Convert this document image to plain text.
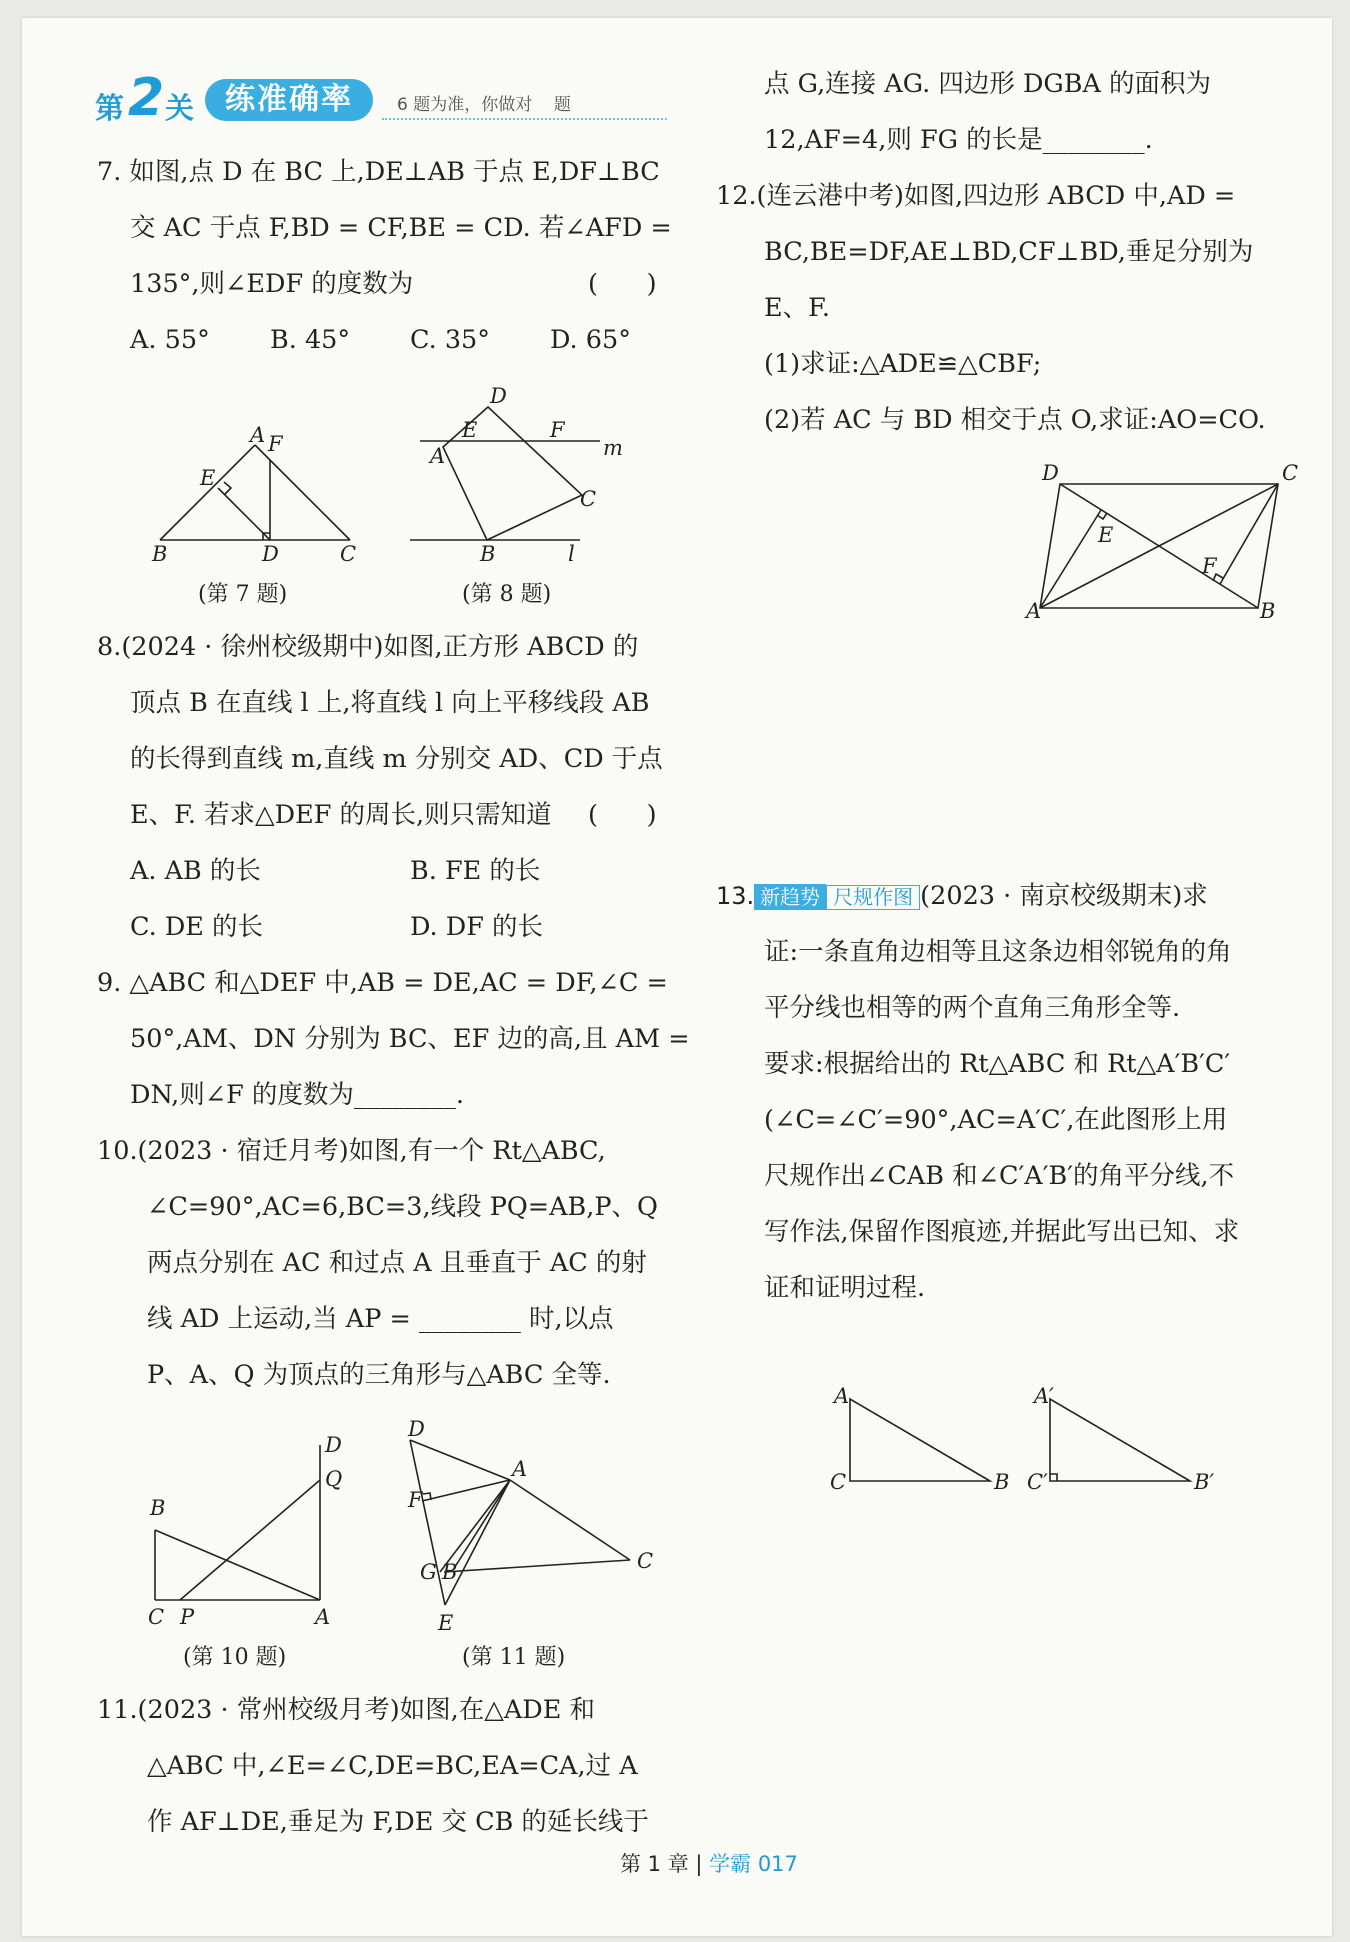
第 2 关	练准确率	6 题为准，你做对    题
7. 如图,点 D 在 BC 上,DE⊥AB 于点 E,DF⊥BC
交 AC 于点 F,BD = CF,BE = CD. 若∠AFD =
135°,则∠EDF 的度数为	(      )
A. 55° B. 45° C. 35° D. 65°
A F
E
B	D	C
D
E	F
m
A
C
B	l
(第 7 题)	(第 8 题)
8.(2024 · 徐州校级期中)如图,正方形 ABCD 的
顶点 B 在直线 l 上,将直线 l 向上平移线段 AB
的长得到直线 m,直线 m 分别交 AD、CD 于点
E、F. 若求△DEF 的周长,则只需知道 (      )
A. AB 的长	B. FE 的长
C. DE 的长	D. DF 的长
9. △ABC 和△DEF 中,AB = DE,AC = DF,∠C =
50°,AM、DN 分别为 BC、EF 边的高,且 AM =
DN,则∠F 的度数为________.
10.(2023 · 宿迁月考)如图,有一个 Rt△ABC,
∠C=90°,AC=6,BC=3,线段 PQ=AB,P、Q
两点分别在 AC 和过点 A 且垂直于 AC 的射
线 AD 上运动,当 AP = ________ 时,以点
P、A、Q 为顶点的三角形与△ABC 全等.
B
C P	A
D
Q
D
A
F
G B
E
C
(第 10 题)	(第 11 题)
11.(2023 · 常州校级月考)如图,在△ADE 和
△ABC 中,∠E=∠C,DE=BC,EA=CA,过 A
作 AF⊥DE,垂足为 F,DE 交 CB 的延长线于
点 G,连接 AG. 四边形 DGBA 的面积为
12,AF=4,则 FG 的长是________.
12.(连云港中考)如图,四边形 ABCD 中,AD =
BC,BE=DF,AE⊥BD,CF⊥BD,垂足分别为
E、F.
(1)求证:△ADE≌△CBF;
(2)若 AC 与 BD 相交于点 O,求证:AO=CO.
D	C
E
F
A	B
13. 新趋势 尺规作图 (2023 · 南京校级期末)求
证:一条直角边相等且这条边相邻锐角的角
平分线也相等的两个直角三角形全等.
要求:根据给出的 Rt△ABC 和 Rt△A′B′C′
(∠C=∠C′=90°,AC=A′C′,在此图形上用
尺规作出∠CAB 和∠C′A′B′的角平分线,不
写作法,保留作图痕迹,并据此写出已知、求
证和证明过程.
A
C	B
A′
C′	B′
第 1 章 | 学霸 017
